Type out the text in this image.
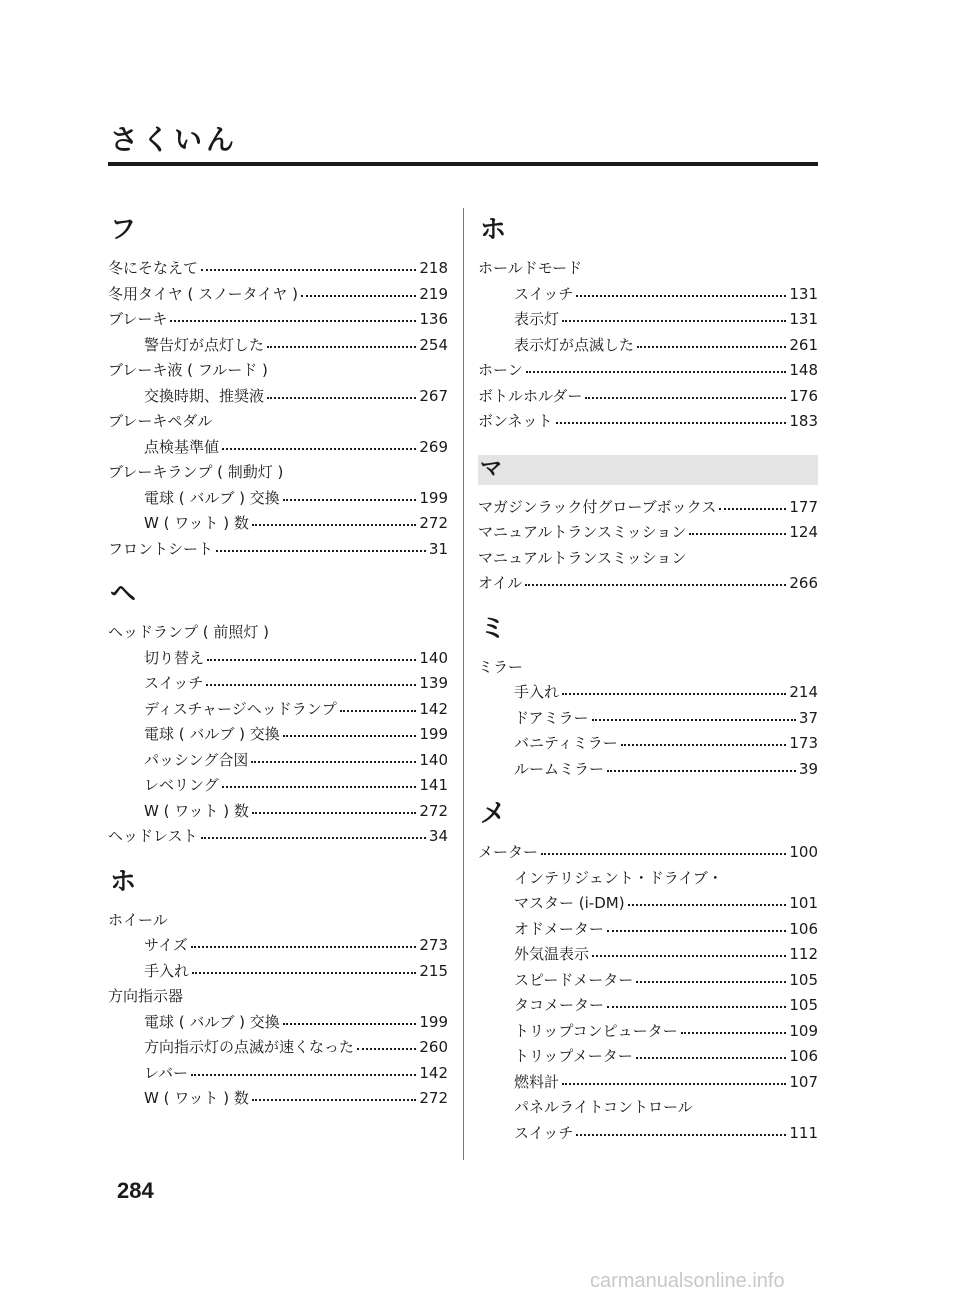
さくいん
フ
冬にそなえて	218
冬用タイヤ ( スノータイヤ )	219
ブレーキ	136
警告灯が点灯した	254
ブレーキ液 ( フルード )
交換時期、推奨液	267
ブレーキペダル
点検基準値	269
ブレーキランプ ( 制動灯 )
電球 ( バルブ ) 交換	199
W ( ワット ) 数	272
フロントシート	31
ヘ
ヘッドランプ ( 前照灯 )
切り替え	140
スイッチ	139
ディスチャージヘッドランプ	142
電球 ( バルブ ) 交換	199
パッシング合図	140
レベリング	141
W ( ワット ) 数	272
ヘッドレスト	34
ホ
ホイール
サイズ	273
手入れ	215
方向指示器
電球 ( バルブ ) 交換	199
方向指示灯の点滅が速くなった	260
レバー	142
W ( ワット ) 数	272
ホ
ホールドモード
スイッチ	131
表示灯	131
表示灯が点滅した	261
ホーン	148
ボトルホルダー	176
ボンネット	183
マ
マガジンラック付グローブボックス	177
マニュアルトランスミッション	124
マニュアルトランスミッション
オイル	266
ミ
ミラー
手入れ	214
ドアミラー	37
バニティミラー	173
ルームミラー	39
メ
メーター	100
インテリジェント・ドライブ・
マスター (i-DM)	101
オドメーター	106
外気温表示	112
スピードメーター	105
タコメーター	105
トリップコンピューター	109
トリップメーター	106
燃料計	107
パネルライトコントロール
スイッチ	111
284
carmanualsonline.info
